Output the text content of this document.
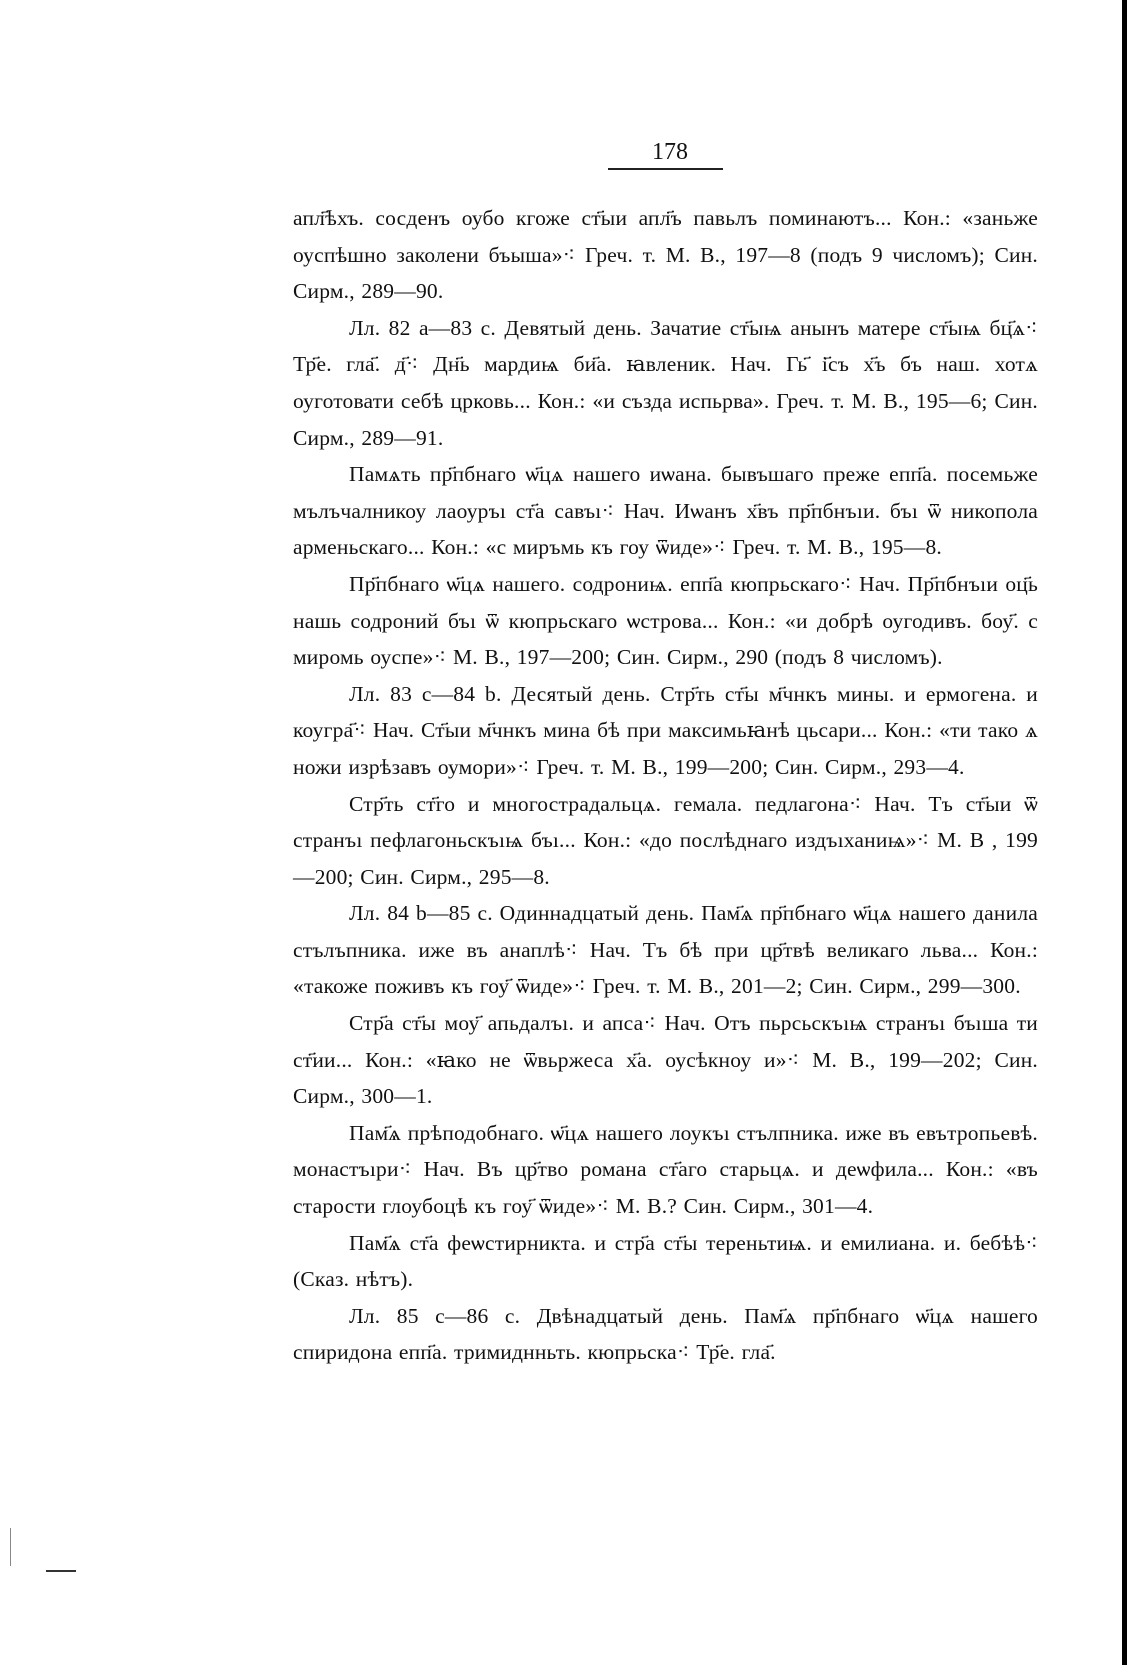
178

апл҃ѣхъ. сосденъ оубо кгоже ст҃ыи апл҃ъ павьлъ поминаютъ... Кон.: «заньже оуспѣшно заколени бъыша»⁖ Греч. т. М. В., 197—8 (подъ 9 числомъ); Син. Сирм., 289—90.

Лл. 82 а—83 с. Девятый день. Зачатие ст҃ыѩ анынъ матере ст҃ыѩ бц҃ѧ⁖ Тр҃е. гла҃. д҃⁖ Дн҃ь мардиѩ би҃а. ꙗвленик. Нач. Гь҃ і҃съ х҃ъ бъ наш. хотѧ оуготовати себѣ црковь... Кон.: «и създа испьрва». Греч. т. М. В., 195—6; Син. Сирм., 289—91.

Памѧть пр҃пбнаго ѡ҃цѧ нашего иѡана. бывъшаго преже епп҃а. посемьже мълъчалникоу лаоуръı ст҃а савъı⁖ Нач. Иѡанъ х҃въ пр҃пбнъıи. бъı ѿ никопола арменьскаго... Кон.: «с миръмь къ гоу ѿиде»⁖ Греч. т. М. В., 195—8.

Пр҃пбнаго ѡ҃цѧ нашего. содрониѩ. епп҃а кюпрьскаго⁖ Нач. Пр҃пбнъıи оц҃ь нашь содроний бъı ѿ кюпрьскаго ѡстрова... Кон.: «и добрѣ оугодивъ. боу҃. с миромь оуспе»⁖ М. В., 197—200; Син. Сирм., 290 (подъ 8 числомъ).

Лл. 83 с—84 b. Десятый день. Стр҃ть ст҃ы м҃чнкъ мины. и ермогена. и коугра҃⁖ Нач. Ст҃ыи м҃чнкъ мина бѣ при максимьꙗнѣ цьсари... Кон.: «ти тако ѧ ножи изрѣзавъ оумори»⁖ Греч. т. М. В., 199—200; Син. Сирм., 293—4.

Стр҃ть ст҃го и многострадальцѧ. гемала. педлагона⁖ Нач. Тъ ст҃ыи ѿ странъı пефлагоньскъıѩ бъı... Кон.: «до послѣднаго издъıханиѩ»⁖ М. В , 199—200; Син. Сирм., 295—8.

Лл. 84 b—85 с. Одиннадцатый день. Пам҃ѧ пр҃пбнаго ѡ҃цѧ нашего данила стълъпника. иже въ анаплѣ⁖ Нач. Тъ бѣ при цр҃твѣ великаго льва... Кон.: «такоже поживъ къ гоу҃ ѿиде»⁖ Греч. т. М. В., 201—2; Син. Сирм., 299—300.

Стр҃а ст҃ы моу҃ апьдалъı. и апса⁖ Нач. Отъ пьрсьскъıѩ странъı бъıша ти ст҃ии... Кон.: «ꙗко не ѿвьржеса х҃а. оусѣкноу и»⁖ М. В., 199—202; Син. Сирм., 300—1.

Пам҃ѧ прѣподобнаго. ѡ҃цѧ нашего лоукъı стълпника. иже въ евътропьевѣ. монастъıри⁖ Нач. Въ цр҃тво романа ст҃аго старьцѧ. и деѡфила... Кон.: «въ старости глоубоцѣ къ гоу҃ ѿиде»⁖ М. В.? Син. Сирм., 301—4.

Пам҃ѧ ст҃а феѡстирникта. и стр҃а ст҃ы тереньтиѩ. и емилиана. и. бебѣѣ⁖ (Сказ. нѣтъ).

Лл. 85 с—86 с. Двѣнадцатый день. Пам҃ѧ пр҃пбнаго ѡ҃цѧ нашего спиридона епп҃а. тримиднньть. кюпрьска⁖ Тр҃е. гла҃.
